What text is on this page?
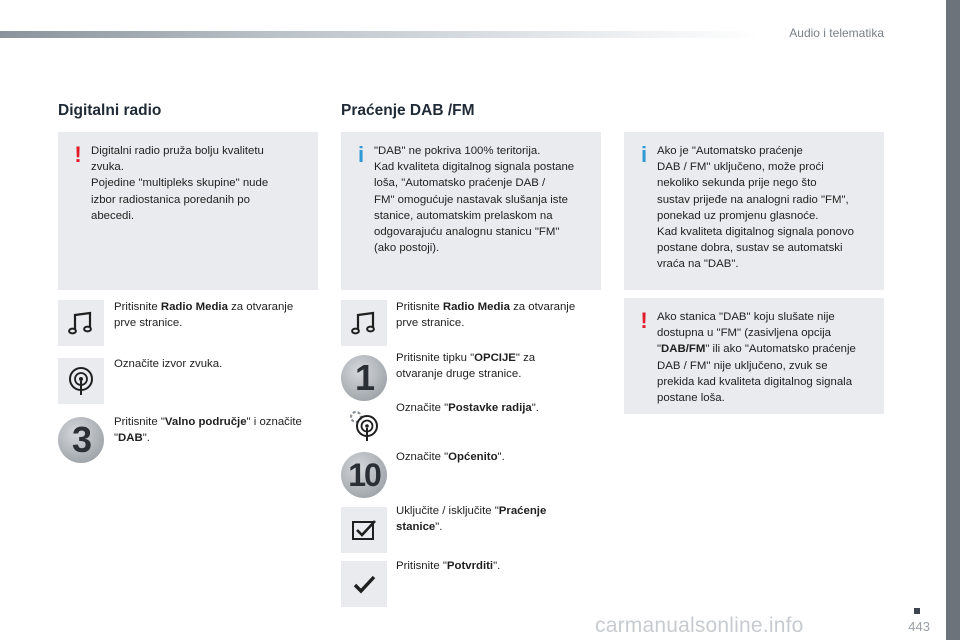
Audio i telematika
Digitalni radio
! Digitalni radio pruža bolju kvalitetu
zvuka.
Pojedine "multipleks skupine" nude
izbor radiostanica poredanih po
abecedi.
Pritisnite Radio Media za otvaranje
prve stranice.
Označite izvor zvuka.
3	Pritisnite "Valno područje" i označite
"DAB".
Praćenje DAB /FM
i "DAB" ne pokriva 100% teritorija.
Kad kvaliteta digitalnog signala postane
loša, "Automatsko praćenje DAB /
FM" omogućuje nastavak slušanja iste
stanice, automatskim prelaskom na
odgovarajuću analognu stanicu "FM"
(ako postoji).
i Ako je "Automatsko praćenje
DAB / FM" uključeno, može proći
nekoliko sekunda prije nego što
sustav prijeđe na analogni radio "FM",
ponekad uz promjenu glasnoće.
Kad kvaliteta digitalnog signala ponovo
postane dobra, sustav se automatski
vraća na "DAB".
! Ako stanica "DAB" koju slušate nije
dostupna u "FM" (zasivljena opcija
"DAB/FM" ili ako "Automatsko praćenje
DAB / FM" nije uključeno, zvuk se
prekida kad kvaliteta digitalnog signala
postane loša.
Pritisnite Radio Media za otvaranje
prve stranice.
1	Pritisnite tipku "OPCIJE" za
otvaranje druge stranice.
Označite "Postavke radija".
10	Označite "Općenito".
Uključite / isključite "Praćenje
stanice".
Pritisnite "Potvrditi".
443
carmanualsonline.info
